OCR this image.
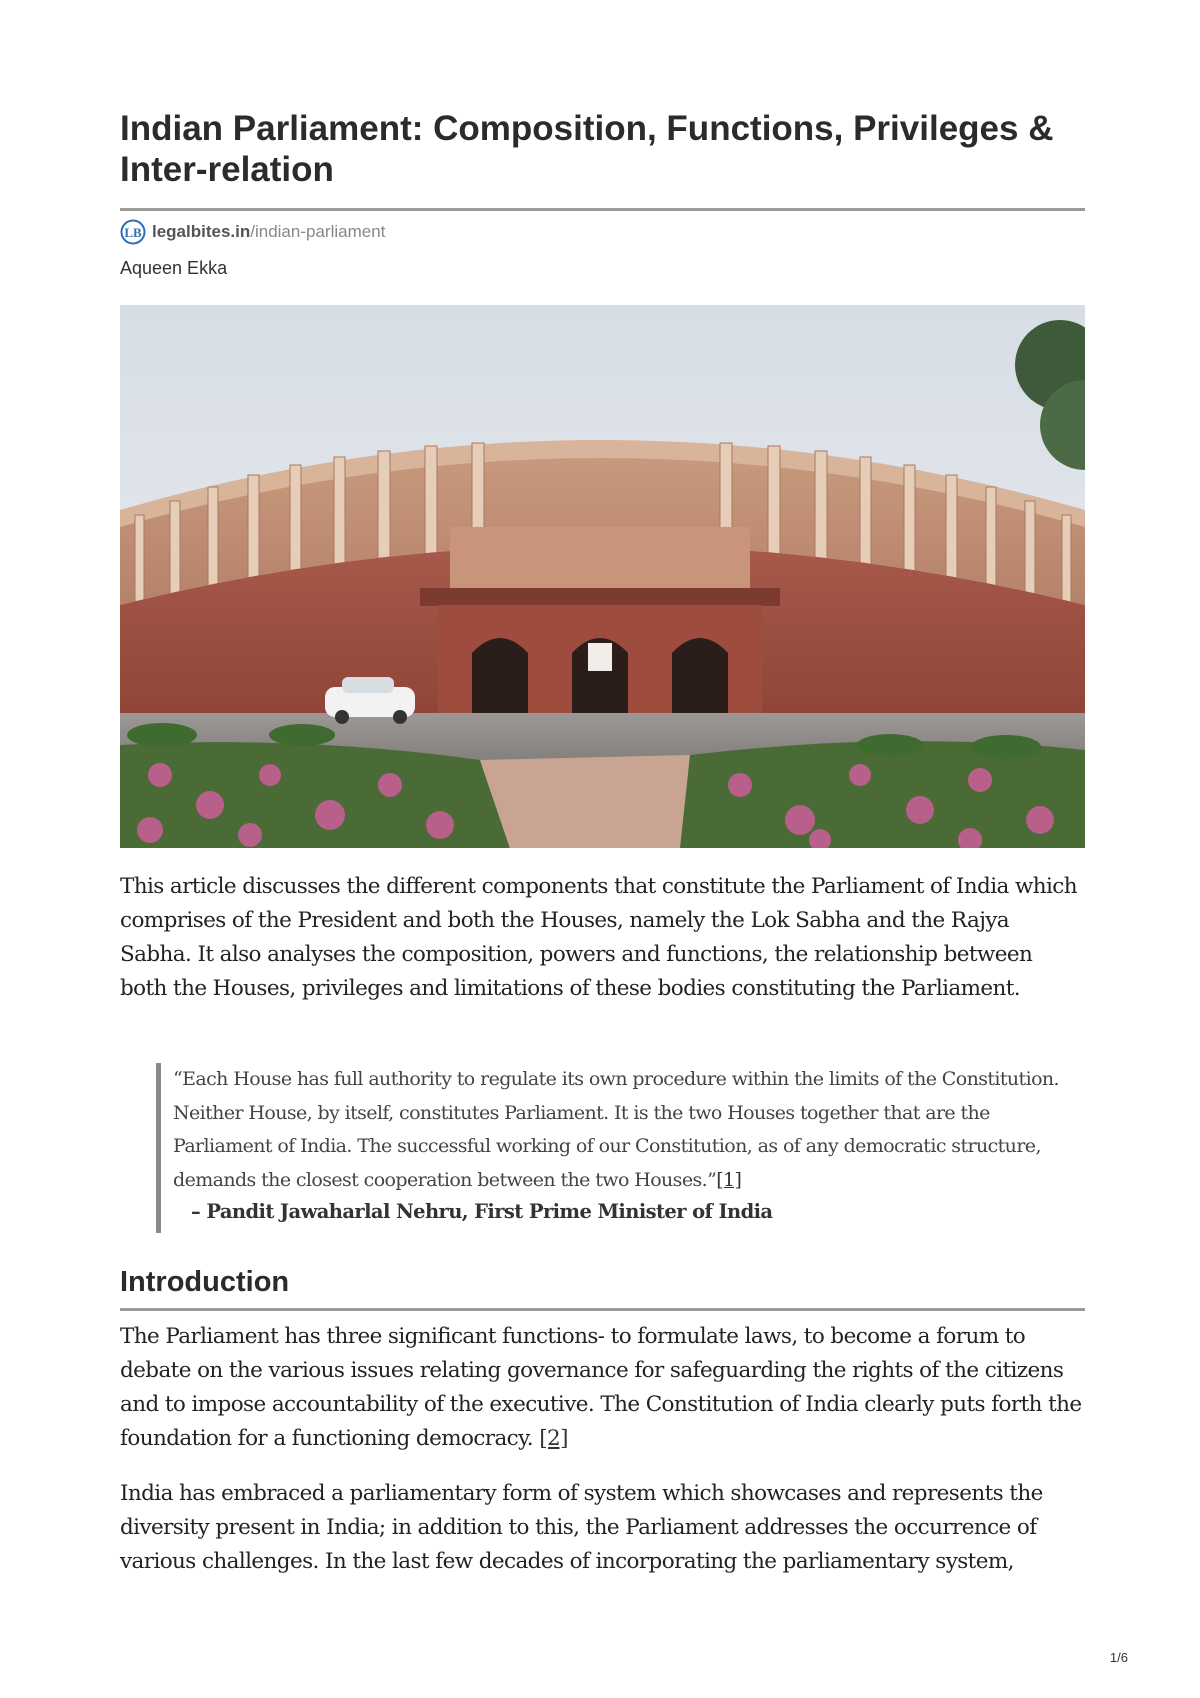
Indian Parliament: Composition, Functions, Privileges & Inter-relation
LB legalbites.in/indian-parliament
Aqueen Ekka

This article discusses the different components that constitute the Parliament of India which comprises of the President and both the Houses, namely the Lok Sabha and the Rajya Sabha. It also analyses the composition, powers and functions, the relationship between both the Houses, privileges and limitations of these bodies constituting the Parliament.

“Each House has full authority to regulate its own procedure within the limits of the Constitution. Neither House, by itself, constitutes Parliament. It is the two Houses together that are the Parliament of India. The successful working of our Constitution, as of any democratic structure, demands the closest cooperation between the two Houses.”[1]

– Pandit Jawaharlal Nehru, First Prime Minister of India

Introduction

The Parliament has three significant functions- to formulate laws, to become a forum to debate on the various issues relating governance for safeguarding the rights of the citizens and to impose accountability of the executive. The Constitution of India clearly puts forth the foundation for a functioning democracy. [2]

India has embraced a parliamentary form of system which showcases and represents the diversity present in India; in addition to this, the Parliament addresses the occurrence of various challenges. In the last few decades of incorporating the parliamentary system,

1/6
